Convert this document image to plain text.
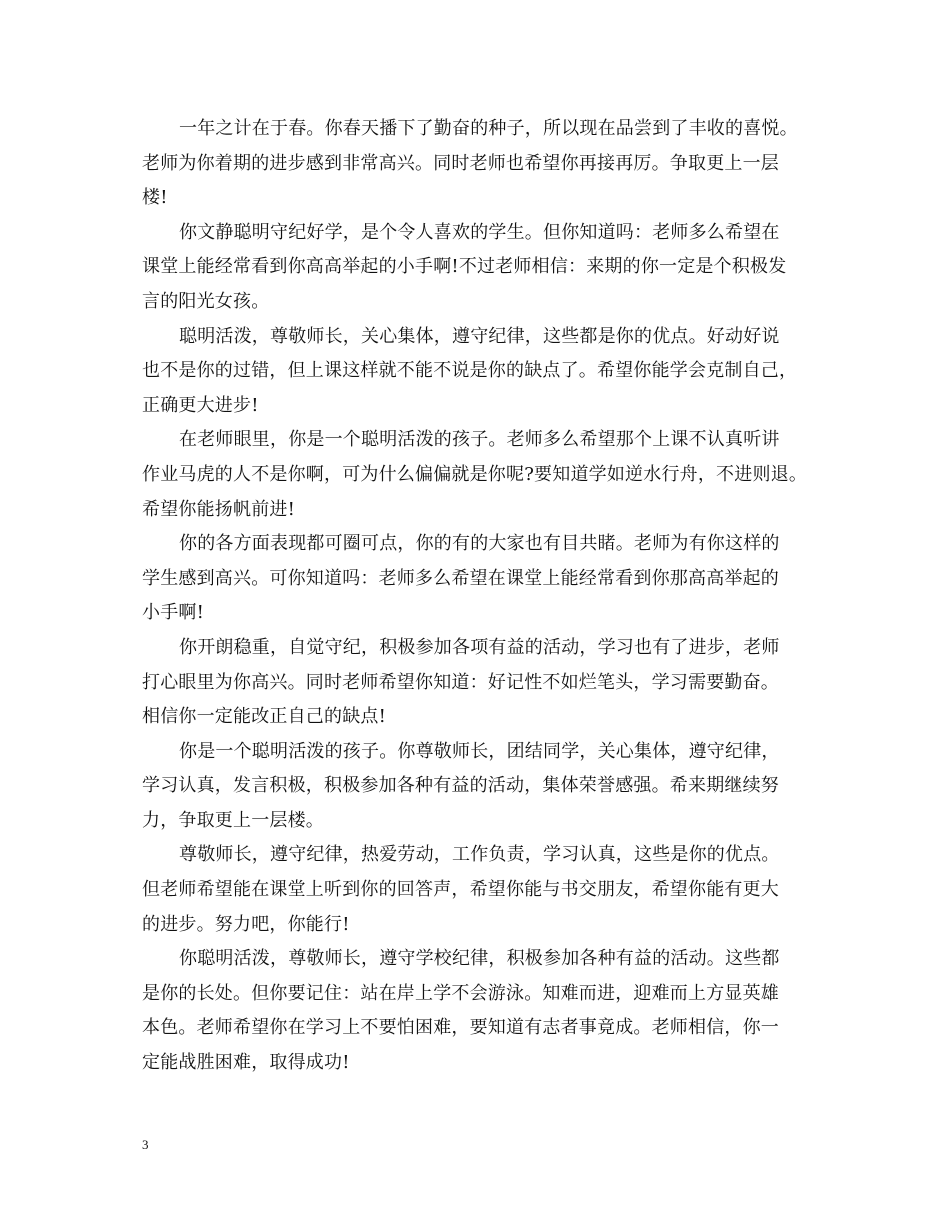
一年之计在于春。你春天播下了勤奋的种子，所以现在品尝到了丰收的喜悦。
老师为你着期的进步感到非常高兴。同时老师也希望你再接再厉。争取更上一层
楼!
你文静聪明守纪好学，是个令人喜欢的学生。但你知道吗：老师多么希望在
课堂上能经常看到你高高举起的小手啊!不过老师相信：来期的你一定是个积极发
言的阳光女孩。
聪明活泼，尊敬师长，关心集体，遵守纪律，这些都是你的优点。好动好说
也不是你的过错，但上课这样就不能不说是你的缺点了。希望你能学会克制自己，
正确更大进步!
在老师眼里，你是一个聪明活泼的孩子。老师多么希望那个上课不认真听讲
作业马虎的人不是你啊，可为什么偏偏就是你呢?要知道学如逆水行舟，不进则退。
希望你能扬帆前进!
你的各方面表现都可圈可点，你的有的大家也有目共睹。老师为有你这样的
学生感到高兴。可你知道吗：老师多么希望在课堂上能经常看到你那高高举起的
小手啊!
你开朗稳重，自觉守纪，积极参加各项有益的活动，学习也有了进步，老师
打心眼里为你高兴。同时老师希望你知道：好记性不如烂笔头，学习需要勤奋。
相信你一定能改正自己的缺点!
你是一个聪明活泼的孩子。你尊敬师长，团结同学，关心集体，遵守纪律，
学习认真，发言积极，积极参加各种有益的活动，集体荣誉感强。希来期继续努
力，争取更上一层楼。
尊敬师长，遵守纪律，热爱劳动，工作负责，学习认真，这些是你的优点。
但老师希望能在课堂上听到你的回答声，希望你能与书交朋友，希望你能有更大
的进步。努力吧，你能行!
你聪明活泼，尊敬师长，遵守学校纪律，积极参加各种有益的活动。这些都
是你的长处。但你要记住：站在岸上学不会游泳。知难而进，迎难而上方显英雄
本色。老师希望你在学习上不要怕困难，要知道有志者事竟成。老师相信，你一
定能战胜困难，取得成功!
3
